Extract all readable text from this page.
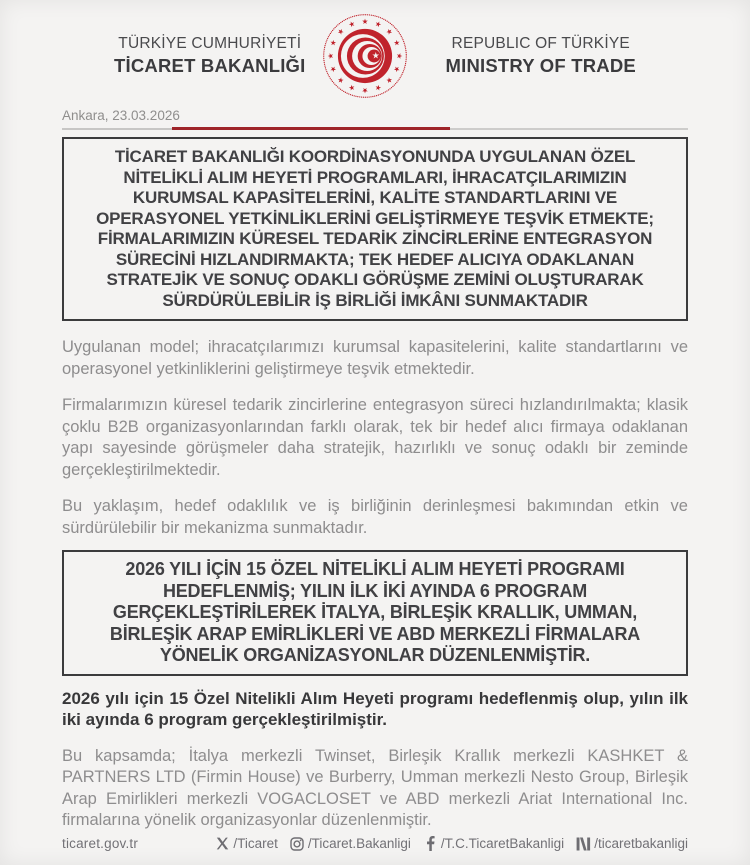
TÜRKİYE CUMHURİYETİ
TİCARET BAKANLIĞI
REPUBLIC OF TÜRKİYE
MINISTRY OF TRADE
Ankara, 23.03.2026
TİCARET BAKANLIĞI KOORDİNASYONUNDA UYGULANAN ÖZEL
NİTELİKLİ ALIM HEYETİ PROGRAMLARI, İHRACATÇILARIMIZIN
KURUMSAL KAPASİTELERİNİ, KALİTE STANDARTLARINI VE
OPERASYONEL YETKİNLİKLERİNİ GELİŞTİRMEYE TEŞVİK ETMEKTE;
FİRMALARIMIZIN KÜRESEL TEDARİK ZİNCİRLERİNE ENTEGRASYON
SÜRECİNİ HIZLANDIRMAKTA; TEK HEDEF ALICIYA ODAKLANAN
STRATEJİK VE SONUÇ ODAKLI GÖRÜŞME ZEMİNİ OLUŞTURARAK
SÜRDÜRÜLEBİLİR İŞ BİRLİĞİ İMKÂNI SUNMAKTADIR

Uygulanan model; ihracatçılarımızı kurumsal kapasitelerini, kalite standartlarını ve operasyonel yetkinliklerini geliştirmeye teşvik etmektedir.

Firmalarımızın küresel tedarik zincirlerine entegrasyon süreci hızlandırılmakta; klasik çoklu B2B organizasyonlarından farklı olarak, tek bir hedef alıcı firmaya odaklanan yapı sayesinde görüşmeler daha stratejik, hazırlıklı ve sonuç odaklı bir zeminde gerçekleştirilmektedir.

Bu yaklaşım, hedef odaklılık ve iş birliğinin derinleşmesi bakımından etkin ve sürdürülebilir bir mekanizma sunmaktadır.

2026 YILI İÇİN 15 ÖZEL NİTELİKLİ ALIM HEYETİ PROGRAMI
HEDEFLENMİŞ; YILIN İLK İKİ AYINDA 6 PROGRAM
GERÇEKLEŞTİRİLEREK İTALYA, BİRLEŞİK KRALLIK, UMMAN,
BİRLEŞİK ARAP EMİRLİKLERİ VE ABD MERKEZLİ FİRMALARA
YÖNELİK ORGANİZASYONLAR DÜZENLENMİŞTİR.

2026 yılı için 15 Özel Nitelikli Alım Heyeti programı hedeflenmiş olup, yılın ilk iki ayında 6 program gerçekleştirilmiştir.

Bu kapsamda; İtalya merkezli Twinset, Birleşik Krallık merkezli KASHKET & PARTNERS LTD (Firmin House) ve Burberry, Umman merkezli Nesto Group, Birleşik Arap Emirlikleri merkezli VOGACLOSET ve ABD merkezli Ariat International Inc. firmalarına yönelik organizasyonlar düzenlenmiştir.

ticaret.gov.tr	/Ticaret /Ticaret.Bakanligi /T.C.TicaretBakanligi /ticaretbakanligi
